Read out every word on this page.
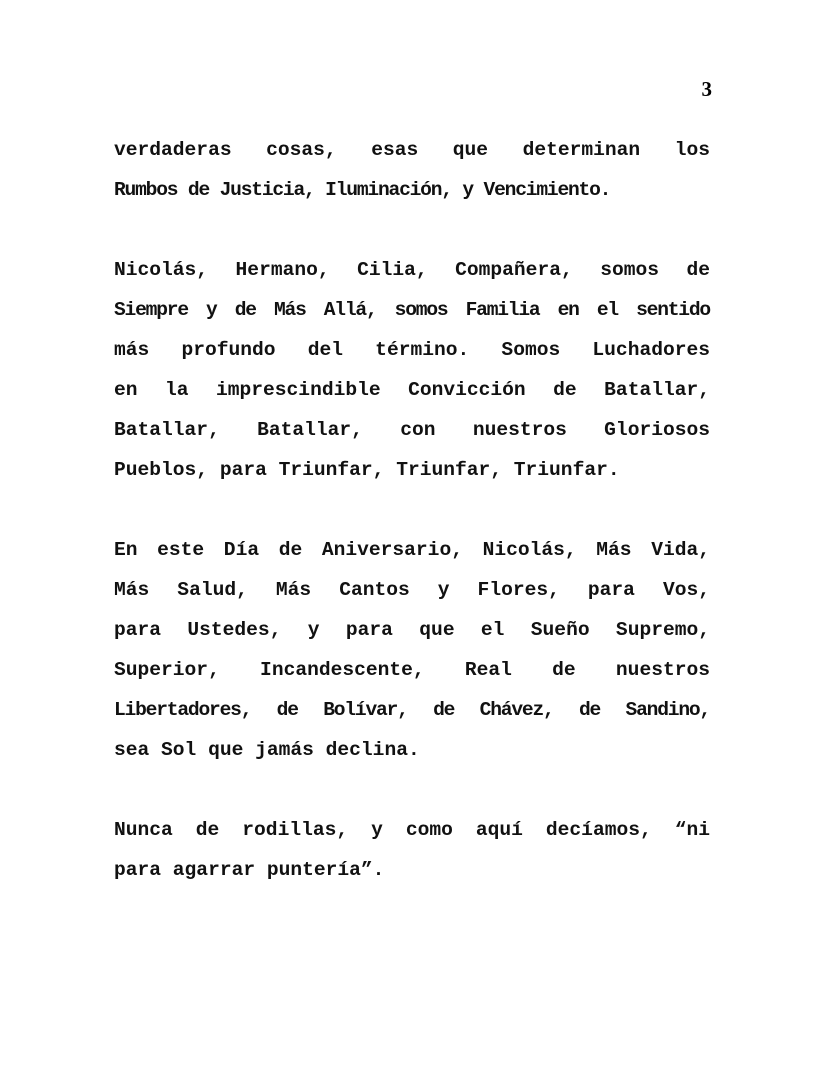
3

verdaderas cosas, esas que determinan los
Rumbos de Justicia, Iluminación, y Vencimiento.

Nicolás, Hermano, Cilia, Compañera, somos de
Siempre y de Más Allá, somos Familia en el sentido
más profundo del término. Somos Luchadores
en la imprescindible Convicción de Batallar,
Batallar, Batallar, con nuestros Gloriosos
Pueblos, para Triunfar, Triunfar, Triunfar.

En este Día de Aniversario, Nicolás, Más Vida,
Más Salud, Más Cantos y Flores, para Vos,
para Ustedes, y para que el Sueño Supremo,
Superior, Incandescente, Real de nuestros
Libertadores, de Bolívar, de Chávez, de Sandino,
sea Sol que jamás declina.

Nunca de rodillas, y como aquí decíamos, “ni
para agarrar puntería”.
